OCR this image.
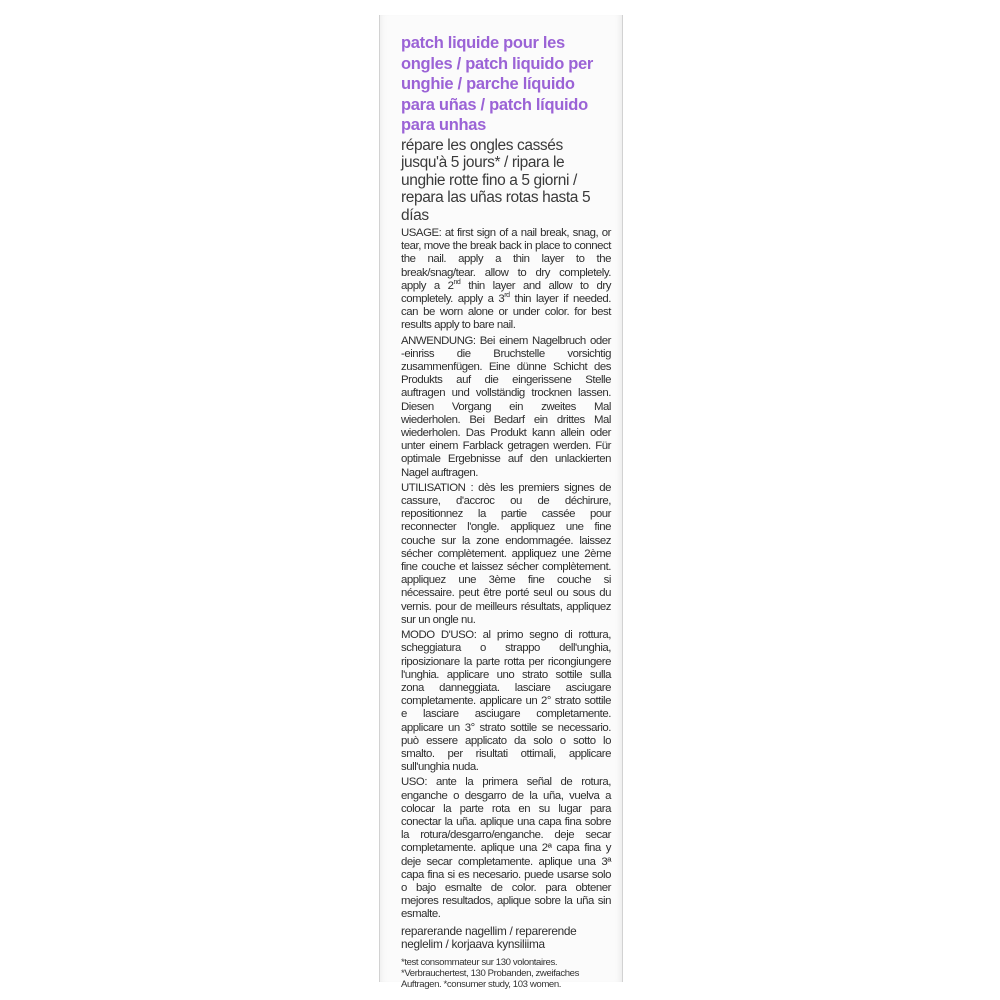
patch liquide pour les ongles / patch liquido per unghie / parche líquido para uñas / patch líquido para unhas

répare les ongles cassés jusqu'à 5 jours* / ripara le unghie rotte fino a 5 giorni / repara las uñas rotas hasta 5 días

USAGE: at first sign of a nail break, snag, or tear, move the break back in place to connect the nail. apply a thin layer to the break/snag/tear. allow to dry completely. apply a 2nd thin layer and allow to dry completely. apply a 3rd thin layer if needed. can be worn alone or under color. for best results apply to bare nail.

ANWENDUNG: Bei einem Nagelbruch oder -einriss die Bruchstelle vorsichtig zusammenfügen. Eine dünne Schicht des Produkts auf die eingerissene Stelle auftragen und vollständig trocknen lassen. Diesen Vorgang ein zweites Mal wiederholen. Bei Bedarf ein drittes Mal wiederholen. Das Produkt kann allein oder unter einem Farblack getragen werden. Für optimale Ergebnisse auf den unlackierten Nagel auftragen.

UTILISATION : dès les premiers signes de cassure, d'accroc ou de déchirure, repositionnez la partie cassée pour reconnecter l'ongle. appliquez une fine couche sur la zone endommagée. laissez sécher complètement. appliquez une 2ème fine couche et laissez sécher complètement. appliquez une 3ème fine couche si nécessaire. peut être porté seul ou sous du vernis. pour de meilleurs résultats, appliquez sur un ongle nu.

MODO D'USO: al primo segno di rottura, scheggiatura o strappo dell'unghia, riposizionare la parte rotta per ricongiungere l'unghia. applicare uno strato sottile sulla zona danneggiata. lasciare asciugare completamente. applicare un 2° strato sottile e lasciare asciugare completamente. applicare un 3° strato sottile se necessario. può essere applicato da solo o sotto lo smalto. per risultati ottimali, applicare sull'unghia nuda.

USO: ante la primera señal de rotura, enganche o desgarro de la uña, vuelva a colocar la parte rota en su lugar para conectar la uña. aplique una capa fina sobre la rotura/desgarro/enganche. deje secar completamente. aplique una 2ª capa fina y deje secar completamente. aplique una 3ª capa fina si es necesario. puede usarse solo o bajo esmalte de color. para obtener mejores resultados, aplique sobre la uña sin esmalte.

reparerande nagellim / reparerende neglelim / korjaava kynsiliima

*test consommateur sur 130 volontaires.

*Verbrauchertest, 130 Probanden, zweifaches Auftragen. *consumer study, 103 women.
